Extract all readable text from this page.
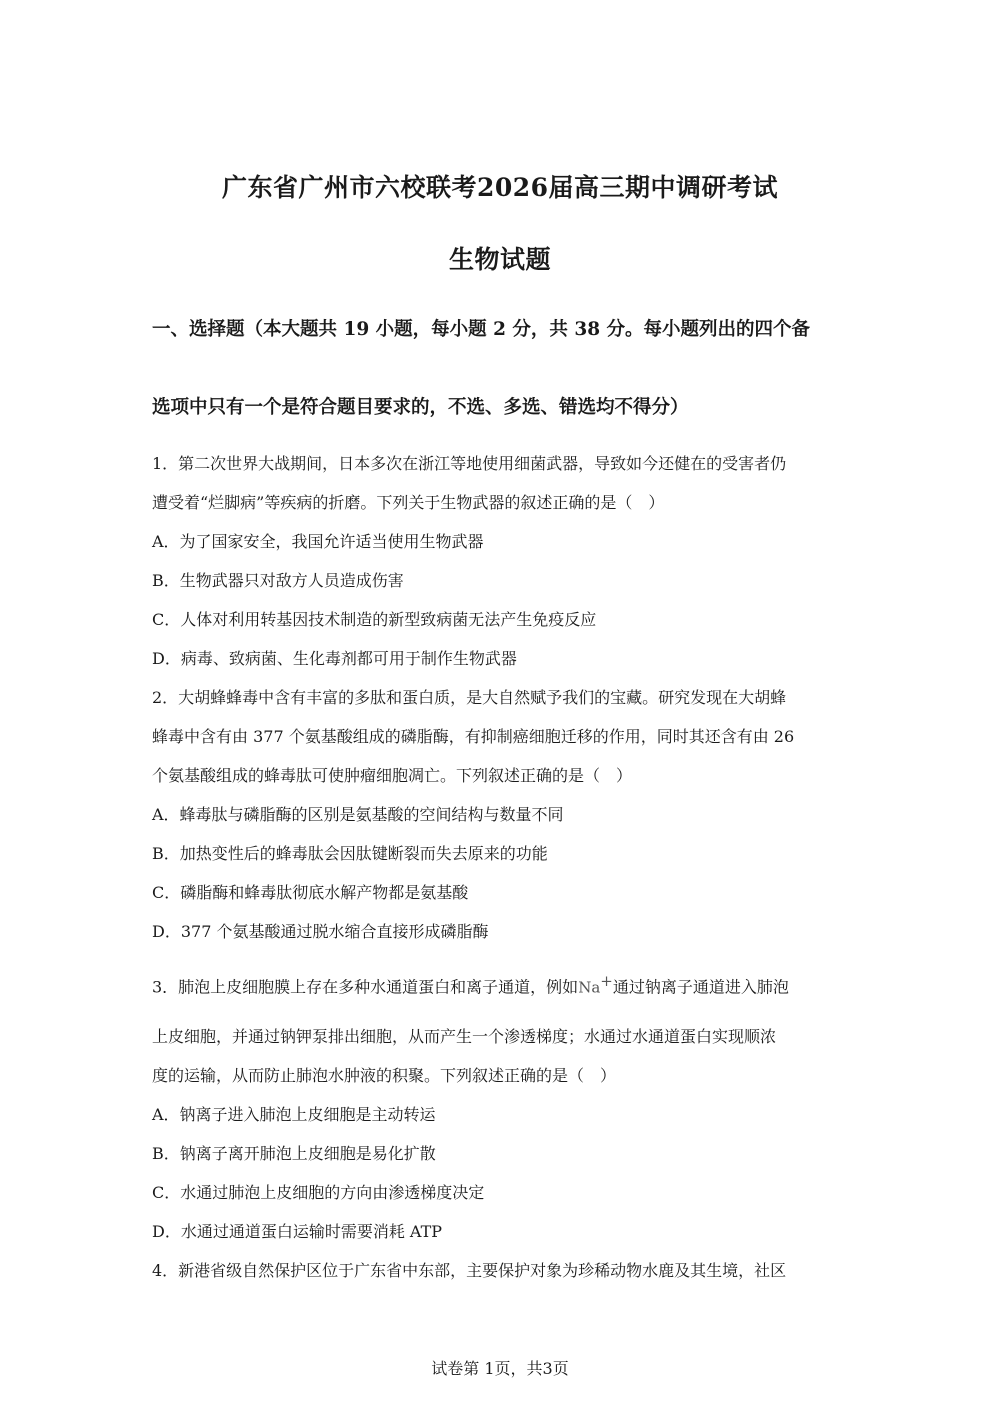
广东省广州市六校联考2026届高三期中调研考试
生物试题
一、选择题（本大题共 19 小题，每小题 2 分，共 38 分。每小题列出的四个备
选项中只有一个是符合题目要求的，不选、多选、错选均不得分）
1．第二次世界大战期间，日本多次在浙江等地使用细菌武器，导致如今还健在的受害者仍
遭受着“烂脚病”等疾病的折磨。下列关于生物武器的叙述正确的是（　）
A．为了国家安全，我国允许适当使用生物武器
B．生物武器只对敌方人员造成伤害
C．人体对利用转基因技术制造的新型致病菌无法产生免疫反应
D．病毒、致病菌、生化毒剂都可用于制作生物武器
2．大胡蜂蜂毒中含有丰富的多肽和蛋白质，是大自然赋予我们的宝藏。研究发现在大胡蜂
蜂毒中含有由 377 个氨基酸组成的磷脂酶，有抑制癌细胞迁移的作用，同时其还含有由 26
个氨基酸组成的蜂毒肽可使肿瘤细胞凋亡。下列叙述正确的是（　）
A．蜂毒肽与磷脂酶的区别是氨基酸的空间结构与数量不同
B．加热变性后的蜂毒肽会因肽键断裂而失去原来的功能
C．磷脂酶和蜂毒肽彻底水解产物都是氨基酸
D．377 个氨基酸通过脱水缩合直接形成磷脂酶
3．肺泡上皮细胞膜上存在多种水通道蛋白和离子通道，例如Na+通过钠离子通道进入肺泡
上皮细胞，并通过钠钾泵排出细胞，从而产生一个渗透梯度；水通过水通道蛋白实现顺浓
度的运输，从而防止肺泡水肿液的积聚。下列叙述正确的是（　）
A．钠离子进入肺泡上皮细胞是主动转运
B．钠离子离开肺泡上皮细胞是易化扩散
C．水通过肺泡上皮细胞的方向由渗透梯度决定
D．水通过通道蛋白运输时需要消耗 ATP
4．新港省级自然保护区位于广东省中东部，主要保护对象为珍稀动物水鹿及其生境，社区
试卷第 1页，共3页
